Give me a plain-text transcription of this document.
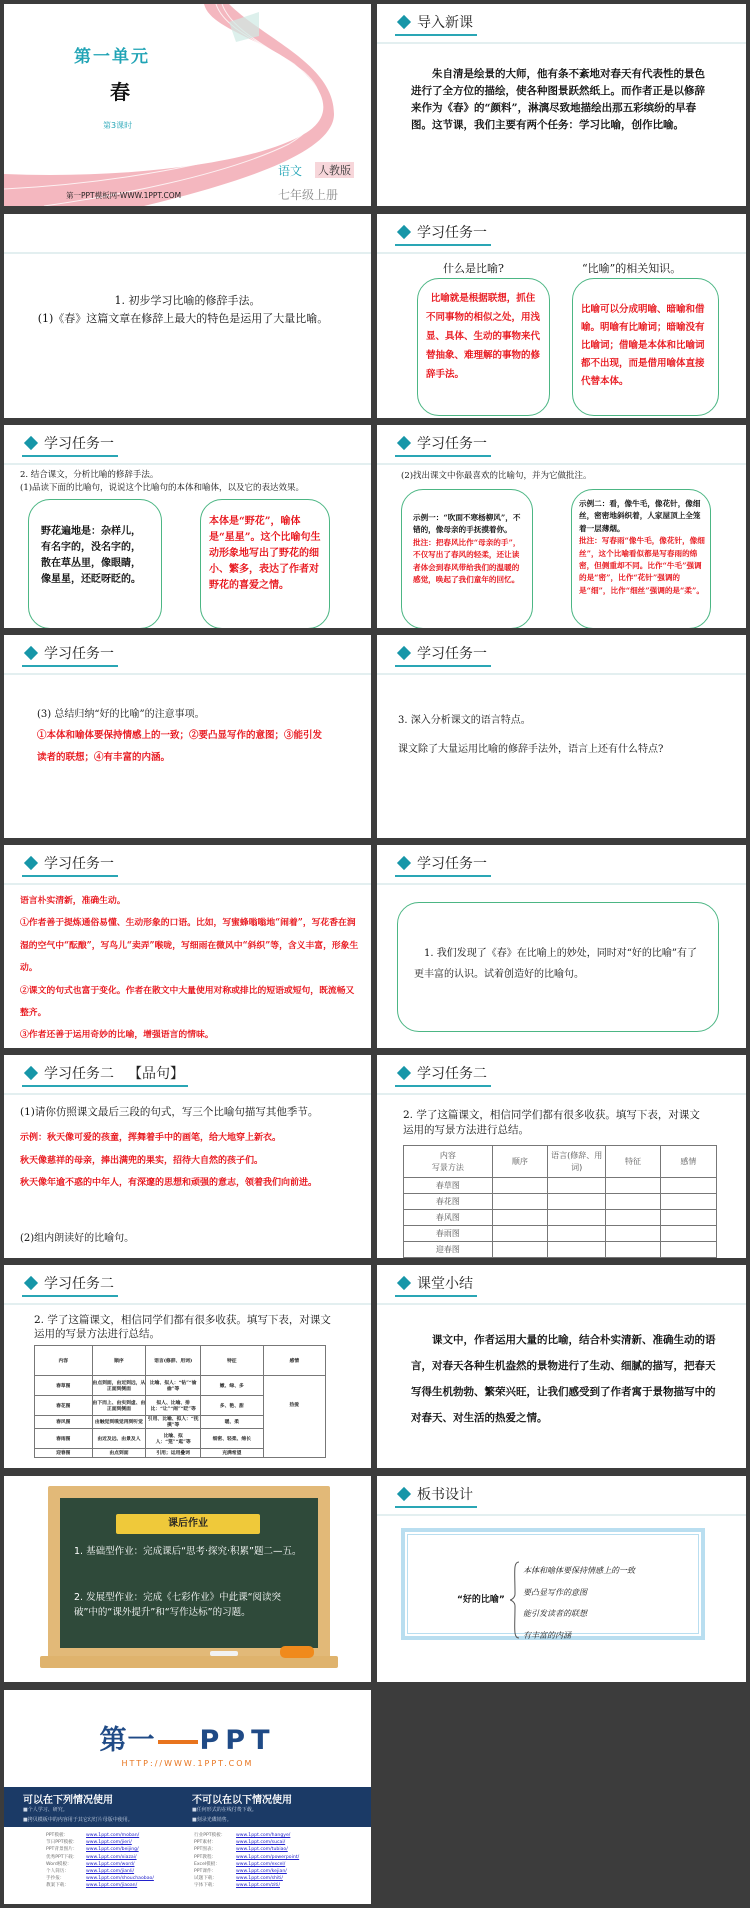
第一单元
春
第3课时
语文 人教版
七年级上册
第一PPT模板网-WWW.1PPT.COM
导入新课
朱自清是绘景的大师，他有条不紊地对春天有代表性的景色进行了全方位的描绘，使各种图景跃然纸上。而作者正是以修辞来作为《春》的“颜料”，淋漓尽致地描绘出那五彩缤纷的早春图。这节课，我们主要有两个任务：学习比喻，创作比喻。
1. 初步学习比喻的修辞手法。
(1)《春》这篇文章在修辞上最大的特色是运用了大量比喻。
学习任务一
什么是比喻?	“比喻”的相关知识。
比喻就是根据联想，抓住不同事物的相似之处，用浅显、具体、生动的事物来代替抽象、难理解的事物的修辞手法。
比喻可以分成明喻、暗喻和借喻。明喻有比喻词；暗喻没有比喻词；借喻是本体和比喻词都不出现，而是借用喻体直接代替本体。
学习任务一
2. 结合课文，分析比喻的修辞手法。
(1)品读下面的比喻句，说说这个比喻句的本体和喻体，以及它的表达效果。
野花遍地是：杂样儿，有名字的，没名字的，散在草丛里，像眼睛，像星星，还眨呀眨的。
本体是“野花”，喻体是“星星”。这个比喻句生动形象地写出了野花的细小、繁多，表达了作者对野花的喜爱之情。
学习任务一
(2)找出课文中你最喜欢的比喻句，并为它做批注。
示例一：“吹面不寒杨柳风”，不错的，像母亲的手抚摸着你。
批注：把春风比作“母亲的手”，不仅写出了春风的轻柔，还让读者体会到春风带给我们的温暖的感觉，唤起了我们童年的回忆。
示例二：看，像牛毛，像花针，像细丝，密密地斜织着，人家屋顶上全笼着一层薄烟。
批注：写春雨“像牛毛，像花针，像细丝”，这个比喻看似都是写春雨的绵密，但侧重却不同。比作“牛毛”强调的是“密”，比作“花针”强调的是“细”，比作“细丝”强调的是“柔”。
学习任务一
(3) 总结归纳“好的比喻”的注意事项。
①本体和喻体要保持情感上的一致；②要凸显写作的意图；③能引发读者的联想；④有丰富的内涵。
学习任务一
3. 深入分析课文的语言特点。
课文除了大量运用比喻的修辞手法外，语言上还有什么特点?
学习任务一
语言朴实清新，准确生动。
①作者善于提炼通俗易懂、生动形象的口语。比如，写蜜蜂嗡嗡地“闹着”，写花香在润湿的空气中“酝酿”，写鸟儿“卖弄”喉咙，写细雨在微风中“斜织”等，含义丰富，形象生动。
②课文的句式也富于变化。作者在散文中大量使用对称或排比的短语或短句，既流畅又整齐。
③作者还善于运用奇妙的比喻，增强语言的情味。
学习任务一
1. 我们发现了《春》在比喻上的妙处，同时对“好的比喻”有了更丰富的认识。试着创造好的比喻句。
学习任务二 【品句】
(1)请你仿照课文最后三段的句式，写三个比喻句描写其他季节。
示例：秋天像可爱的孩童，挥舞着手中的画笔，给大地穿上新衣。
秋天像慈祥的母亲，捧出满兜的果实，招待大自然的孩子们。
秋天像年逾不惑的中年人，有深邃的思想和顽强的意志，领着我们向前进。
(2)组内朗读好的比喻句。
学习任务二
2. 学了这篇课文，相信同学们都有很多收获。填写下表，对课文运用的写景方法进行总结。
内容
写景方法	顺序	语言(修辞、用词)	特征	感情
春草图				
春花图				
春风图				
春雨图				
迎春图				
学习任务二
2. 学了这篇课文，相信同学们都有很多收获。填写下表，对课文运用的写景方法进行总结。
内容	顺序	语言(修辞、用词)	特征	感情
春草图	由点到面，由近到远，从正面到侧面	比喻、拟人：“钻”“偷偷”等	嫩、绿、多	热爱
春花图	由下而上、由实到虚、由正面到侧面	拟人、比喻、排比：“让”“闹”“眨”等	多、艳、甜	
春风图	由触觉到嗅觉再到听觉	引用、比喻、拟人：“抚摸”等	暖、柔	
春雨图	由近及远、由景及人	比喻、拟人：“笼”“逛”等	细密、轻柔、绵长	
迎春图	由点到面	引用；运用叠词	充满希望	
课堂小结
课文中，作者运用大量的比喻，结合朴实清新、准确生动的语言，对春天各种生机盎然的景物进行了生动、细腻的描写，把春天写得生机勃勃、繁荣兴旺，让我们感受到了作者寓于景物描写中的对春天、对生活的热爱之情。
课后作业
1. 基础型作业：完成课后“思考·探究·积累”题二—五。
2. 发展型作业：完成《七彩作业》中此课“阅读突破”中的“课外提升”和“写作达标”的习题。
板书设计
“好的比喻”
本体和喻体要保持情感上的一致
要凸显写作的意图
能引发读者的联想
有丰富的内涵
第一 PPT
HTTP://WWW.1PPT.COM
可以在下列情况使用
■个人学习、研究。
■拷贝模板中的内容用于其它幻灯片母版中使用。
不可以在以下情况使用
■任何形式的在线付费下载。
■刻录光碟销售。
PPT模板：	www.1ppt.com/moban/
节日PPT模板： www.1ppt.com/jieri/
PPT背景图片： www.1ppt.com/beijing/
优秀PPT下载： www.1ppt.com/xiazai/
Word模板：	www.1ppt.com/word/
个人简历：	www.1ppt.com/jianli/
手抄报：	www.1ppt.com/shouchaobao/
教案下载：	www.1ppt.com/jiaoan/
行业PPT模板： www.1ppt.com/hangye/
PPT素材：	www.1ppt.com/sucai/
PPT图表：	www.1ppt.com/tubiao/
PPT教程：	www.1ppt.com/powerpoint/
Excel模板：	www.1ppt.com/excel/
PPT课件：	www.1ppt.com/kejian/
试题下载：	www.1ppt.com/shiti/
字体下载：	www.1ppt.com/ziti/
